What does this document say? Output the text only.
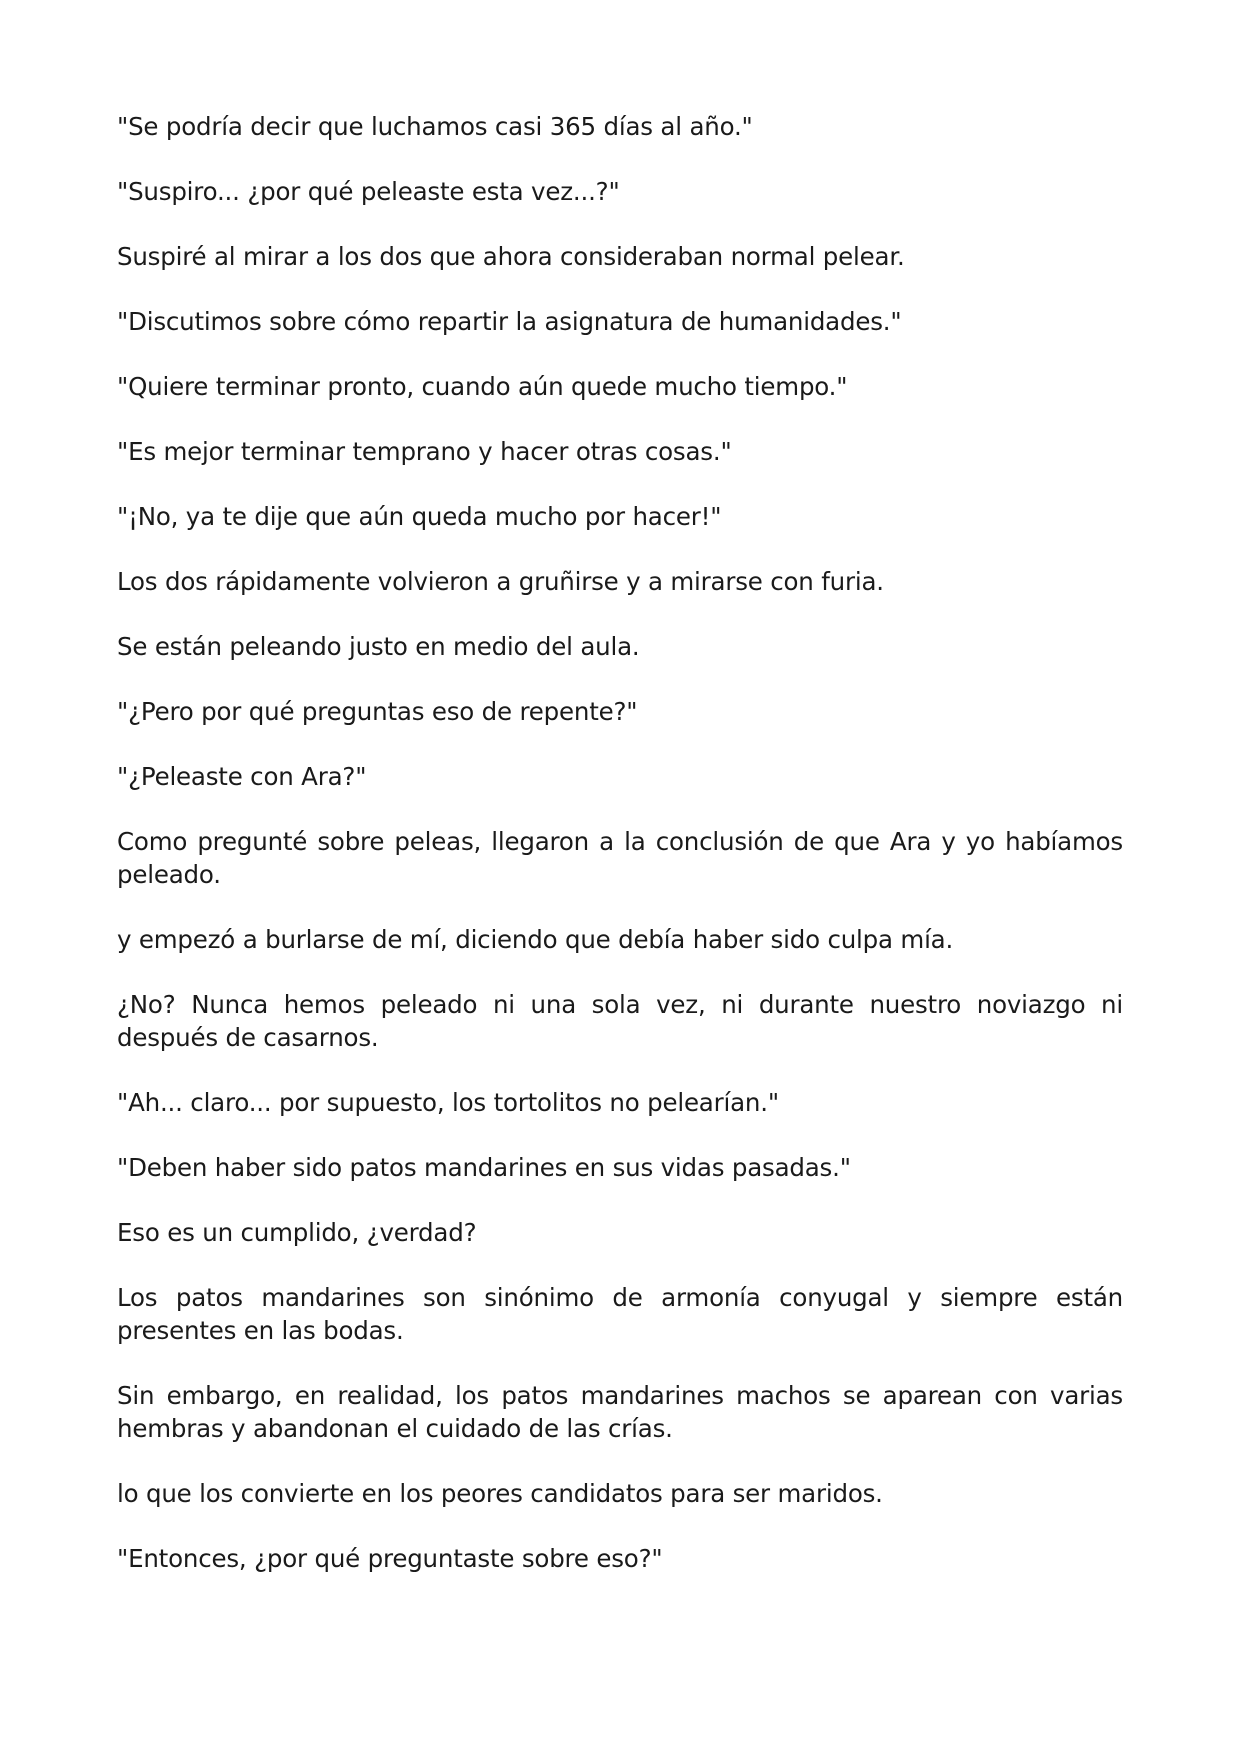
"Se podría decir que luchamos casi 365 días al año."

"Suspiro... ¿por qué peleaste esta vez...?"

Suspiré al mirar a los dos que ahora consideraban normal pelear.

"Discutimos sobre cómo repartir la asignatura de humanidades."

"Quiere terminar pronto, cuando aún quede mucho tiempo."

"Es mejor terminar temprano y hacer otras cosas."

"¡No, ya te dije que aún queda mucho por hacer!"

Los dos rápidamente volvieron a gruñirse y a mirarse con furia.

Se están peleando justo en medio del aula.

"¿Pero por qué preguntas eso de repente?"

"¿Peleaste con Ara?"

Como pregunté sobre peleas, llegaron a la conclusión de que Ara y yo habíamos peleado.

y empezó a burlarse de mí, diciendo que debía haber sido culpa mía.

¿No? Nunca hemos peleado ni una sola vez, ni durante nuestro noviazgo ni después de casarnos.

"Ah... claro... por supuesto, los tortolitos no pelearían."

"Deben haber sido patos mandarines en sus vidas pasadas."

Eso es un cumplido, ¿verdad?

Los patos mandarines son sinónimo de armonía conyugal y siempre están presentes en las bodas.

Sin embargo, en realidad, los patos mandarines machos se aparean con varias hembras y abandonan el cuidado de las crías.

lo que los convierte en los peores candidatos para ser maridos.

"Entonces, ¿por qué preguntaste sobre eso?"
